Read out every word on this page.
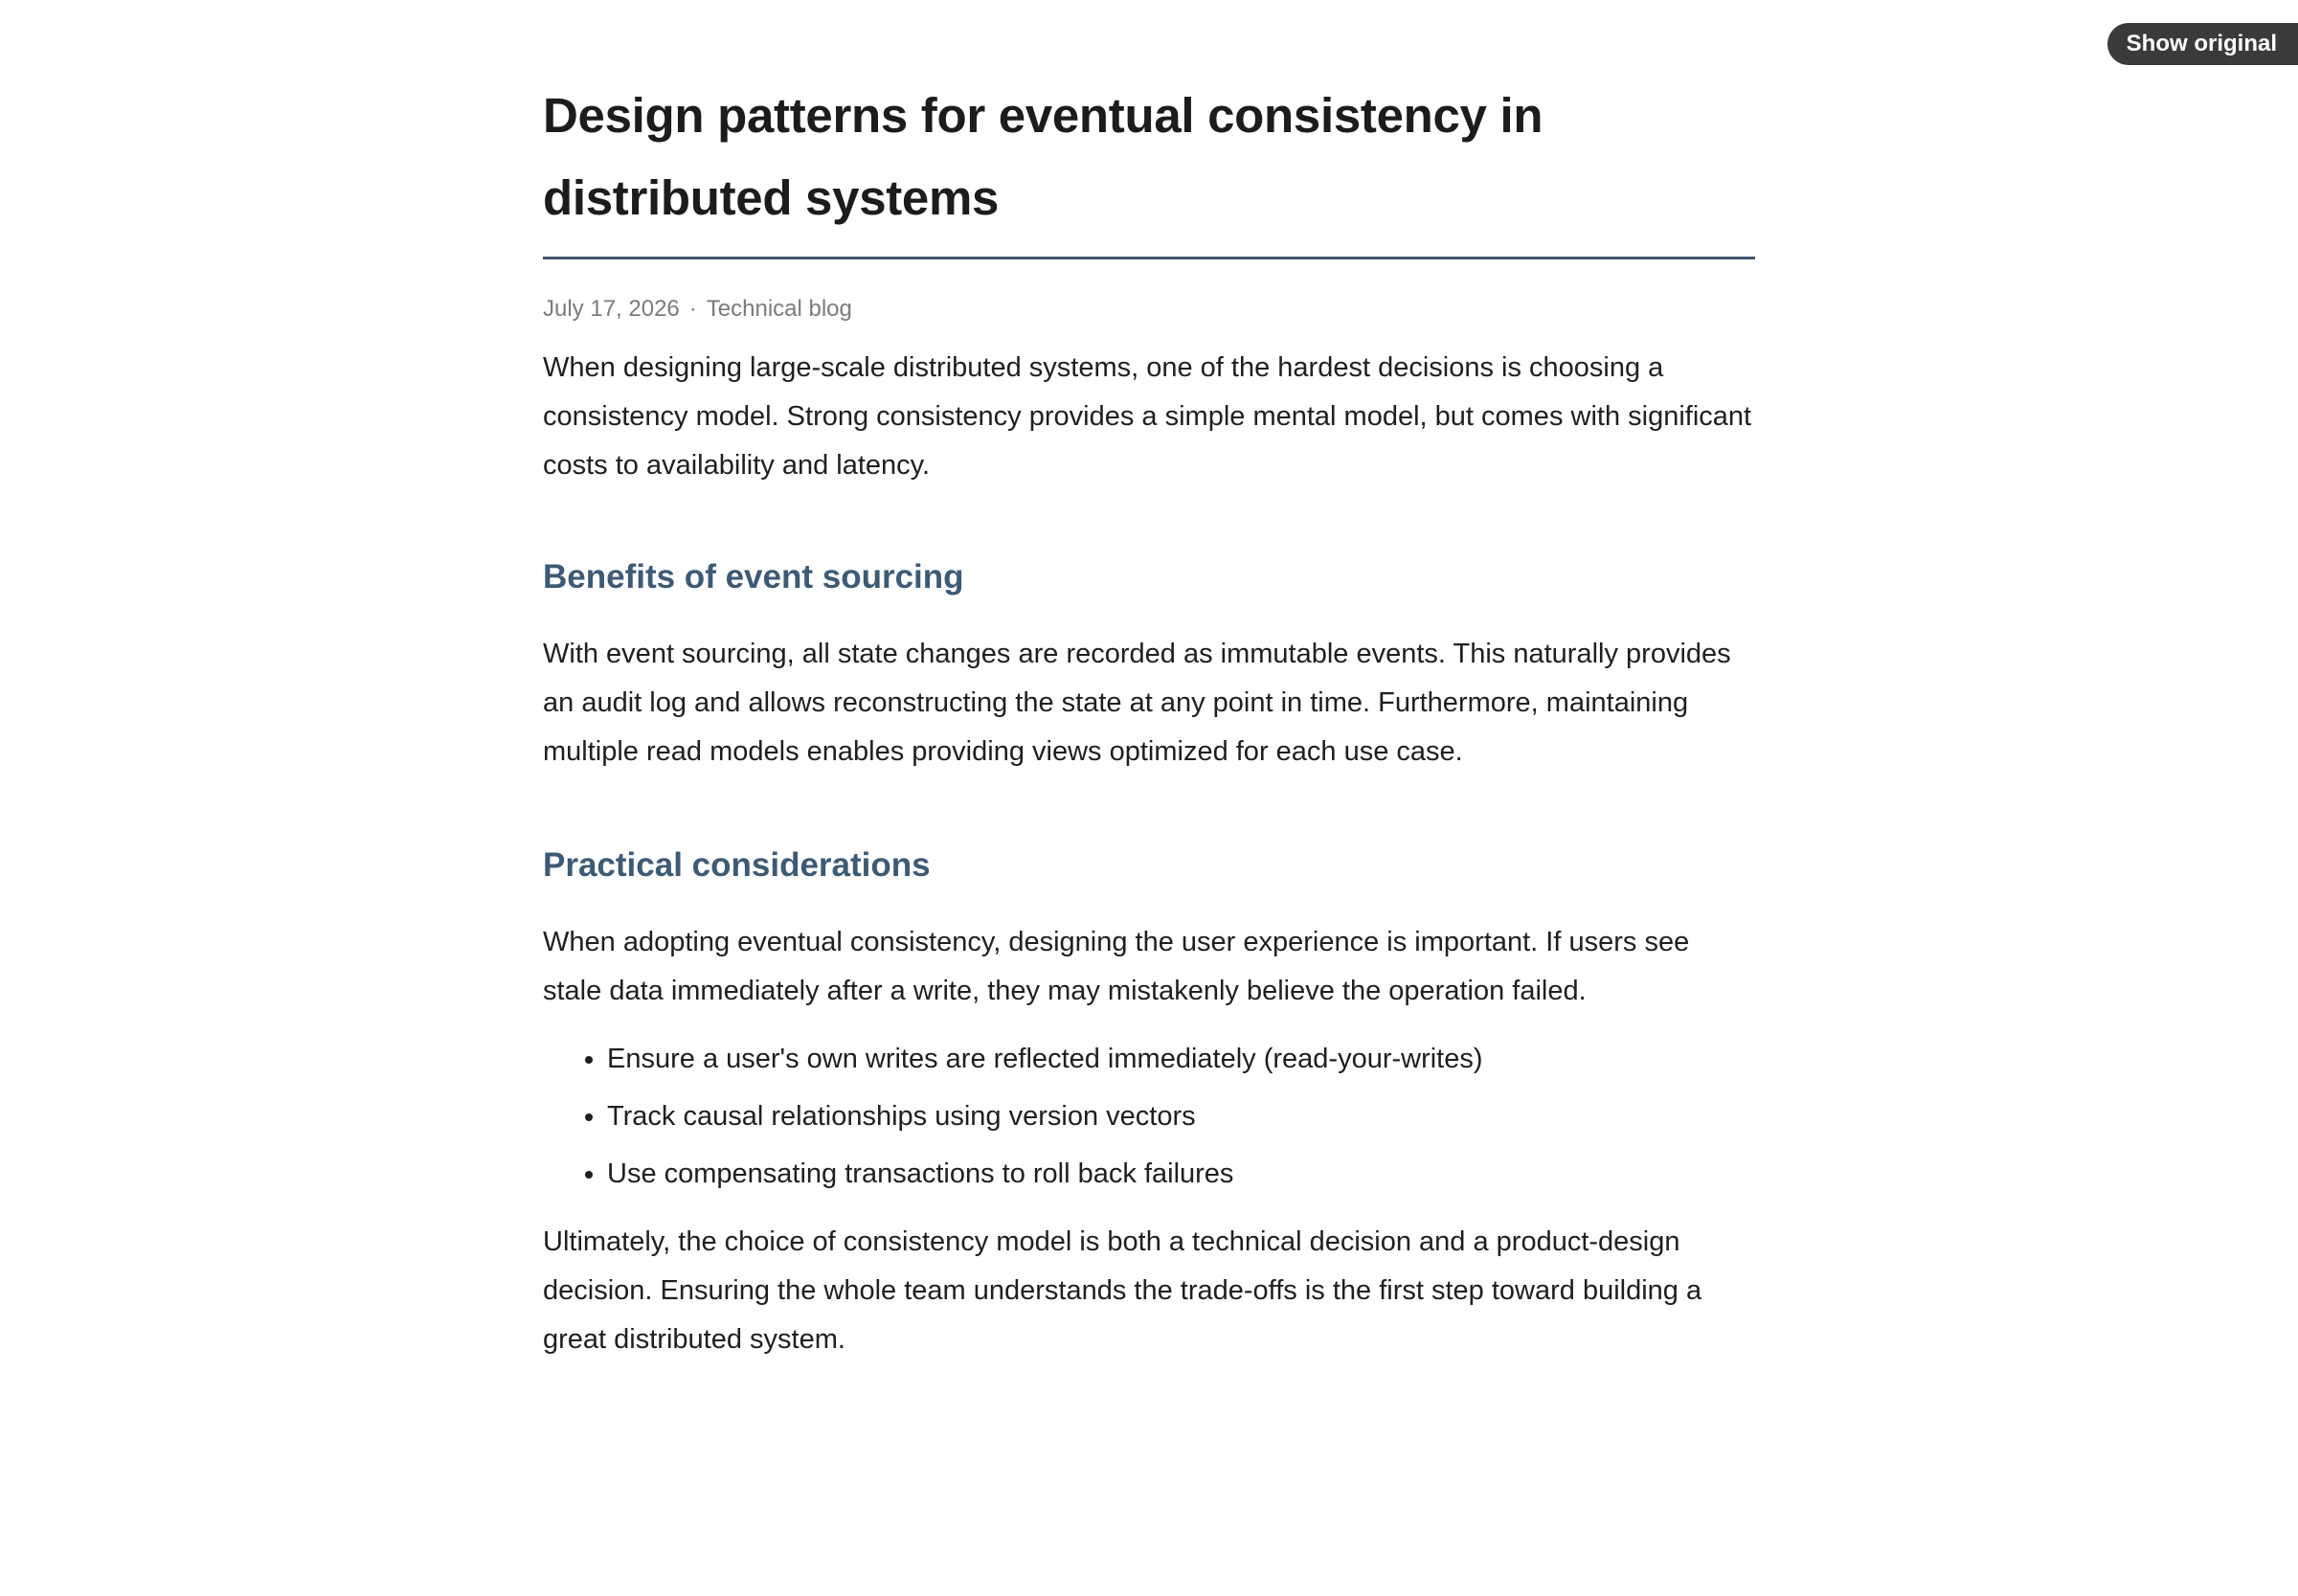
Show original
Design patterns for eventual consistency in distributed systems
July 17, 2026 · Technical blog

When designing large-scale distributed systems, one of the hardest decisions is choosing a consistency model. Strong consistency provides a simple mental model, but comes with significant costs to availability and latency.

Benefits of event sourcing

With event sourcing, all state changes are recorded as immutable events. This naturally provides an audit log and allows reconstructing the state at any point in time. Furthermore, maintaining multiple read models enables providing views optimized for each use case.

Practical considerations

When adopting eventual consistency, designing the user experience is important. If users see stale data immediately after a write, they may mistakenly believe the operation failed.

• Ensure a user's own writes are reflected immediately (read-your-writes)
• Track causal relationships using version vectors
• Use compensating transactions to roll back failures

Ultimately, the choice of consistency model is both a technical decision and a product-design decision. Ensuring the whole team understands the trade-offs is the first step toward building a great distributed system.
